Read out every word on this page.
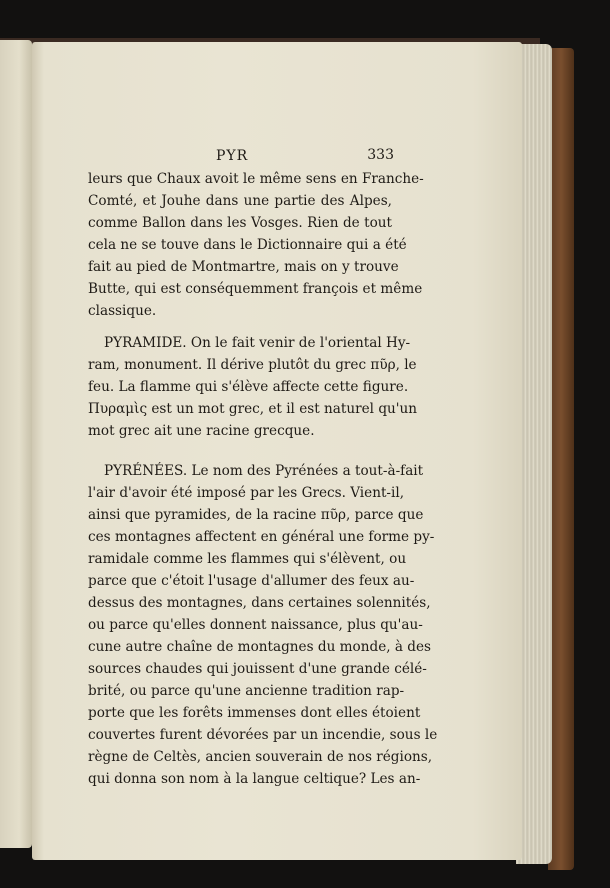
PYR	333

leurs que Chaux avoit le même sens en Franche-
Comté, et Jouhe dans une partie des Alpes,
comme Ballon dans les Vosges. Rien de tout
cela ne se touve dans le Dictionnaire qui a été
fait au pied de Montmartre, mais on y trouve
Butte, qui est conséquemment françois et même
classique.

PYRAMIDE. On le fait venir de l'oriental Hy-
ram, monument. Il dérive plutôt du grec πῦρ, le
feu. La flamme qui s'élève affecte cette figure.
Πυραμὶς est un mot grec, et il est naturel qu'un
mot grec ait une racine grecque.

PYRÉNÉES. Le nom des Pyrénées a tout-à-fait
l'air d'avoir été imposé par les Grecs. Vient-il,
ainsi que pyramides, de la racine πῦρ, parce que
ces montagnes affectent en général une forme py-
ramidale comme les flammes qui s'élèvent, ou
parce que c'étoit l'usage d'allumer des feux au-
dessus des montagnes, dans certaines solennités,
ou parce qu'elles donnent naissance, plus qu'au-
cune autre chaîne de montagnes du monde, à des
sources chaudes qui jouissent d'une grande célé-
brité, ou parce qu'une ancienne tradition rap-
porte que les forêts immenses dont elles étoient
couvertes furent dévorées par un incendie, sous le
règne de Celtès, ancien souverain de nos régions,
qui donna son nom à la langue celtique? Les an-
